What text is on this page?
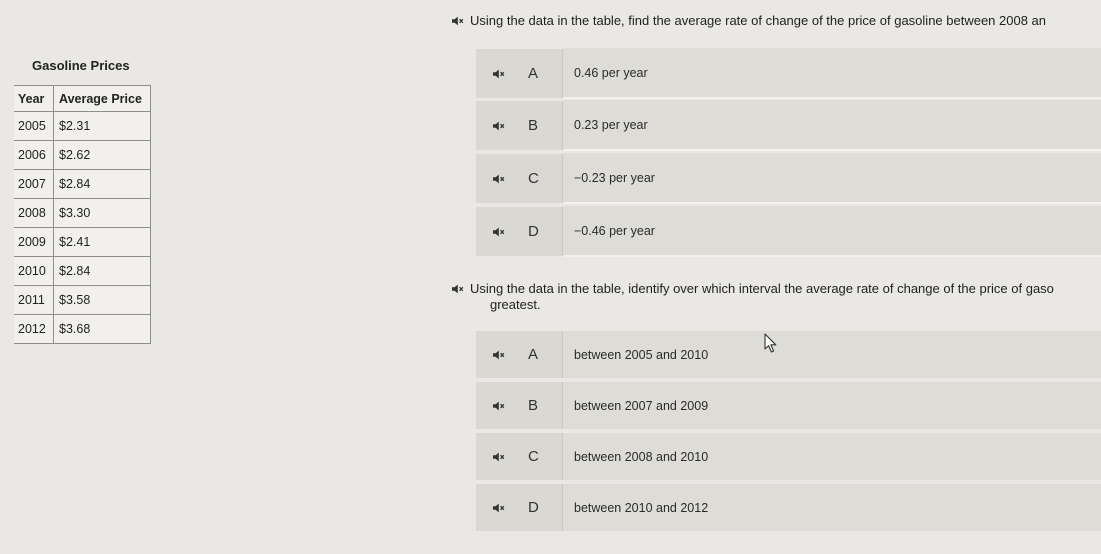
Gasoline Prices
Year	Average Price
2005	$2.31
2006	$2.62
2007	$2.84
2008	$3.30
2009	$2.41
2010	$2.84
2011	$3.58
2012	$3.68
Using the data in the table, find the average rate of change of the price of gasoline between 2008 an
A	0.46 per year
B	0.23 per year
C	−0.23 per year
D	−0.46 per year
Using the data in the table, identify over which interval the average rate of change of the price of gaso
greatest.
A	between 2005 and 2010
B	between 2007 and 2009
C	between 2008 and 2010
D	between 2010 and 2012
